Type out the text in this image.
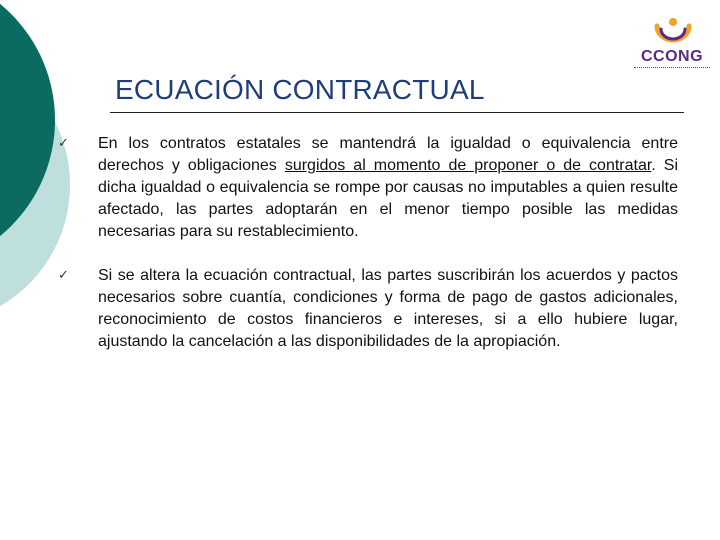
CCONG
ECUACIÓN CONTRACTUAL
✓ En los contratos estatales se mantendrá la igualdad o equivalencia entre derechos y obligaciones surgidos al momento de proponer o de contratar. Si dicha igualdad o equivalencia se rompe por causas no imputables a quien resulte afectado, las partes adoptarán en el menor tiempo posible las medidas necesarias para su restablecimiento.
✓ Si se altera la ecuación contractual, las partes suscribirán los acuerdos y pactos necesarios sobre cuantía, condiciones y forma de pago de gastos adicionales, reconocimiento de costos financieros e intereses, si a ello hubiere lugar, ajustando la cancelación a las disponibilidades de la apropiación.
